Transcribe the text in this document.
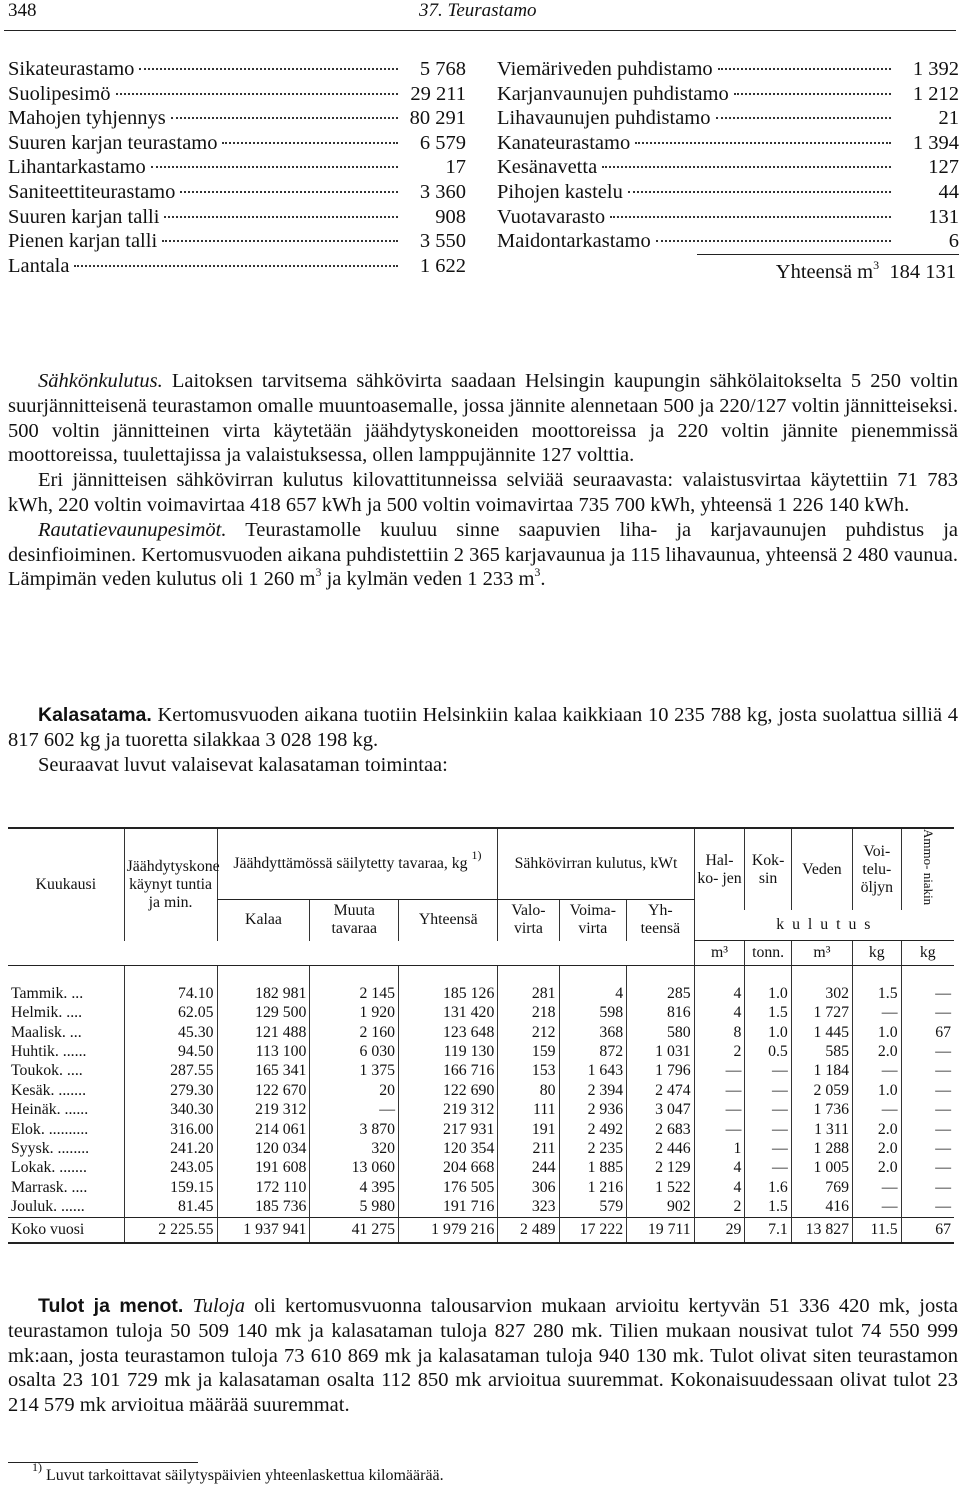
348	37. Teurastamo
Sikateurastamo	5 768
Suolipesimö	29 211
Mahojen tyhjennys	80 291
Suuren karjan teurastamo	6 579
Lihantarkastamo	17
Saniteettiteurastamo	3 360
Suuren karjan talli	908
Pienen karjan talli	3 550
Lantala	1 622
Viemäriveden puhdistamo	1 392
Karjanvaunujen puhdistamo	1 212
Lihavaunujen puhdistamo	21
Kanateurastamo	1 394
Kesänavetta	127
Pihojen kastelu	44
Vuotavarasto	131
Maidontarkastamo	6
Yhteensä $m^3$ 184 131

Sähkönkulutus. Laitoksen tarvitsema sähkövirta saadaan Helsingin kaupungin sähkölaitokselta 5 250 voltin suurjännitteisenä teurastamon omalle muuntoasemalle, jossa jännite alennetaan 500 ja 220/127 voltin jännitteiseksi. 500 voltin jännitteinen virta käytetään jäähdytyskoneiden moottoreissa ja 220 voltin jännite pienemmissä moottoreissa, tuulettajissa ja valaistuksessa, ollen lamppujännite 127 volttia.

Eri jännitteisen sähkövirran kulutus kilovattitunneissa selviää seuraavasta: valaistusvirtaa käytettiin 71 783 kWh, 220 voltin voimavirtaa 418 657 kWh ja 500 voltin voimavirtaa 735 700 kWh, yhteensä 1 226 140 kWh.

Rautatievaunupesimöt. Teurastamolle kuuluu sinne saapuvien liha- ja karjavaunujen puhdistus ja desinfioiminen. Kertomusvuoden aikana puhdistettiin 2 365 karjavaunua ja 115 lihavaunua, yhteensä 2 480 vaunua. Lämpimän veden kulutus oli 1 260 $m^3$ ja kylmän veden 1 233 $m^3$.

Kalasatama. Kertomusvuoden aikana tuotiin Helsinkiin kalaa kaikkiaan 10 235 788 kg, josta suolattua silliä 4 817 602 kg ja tuoretta silakkaa 3 028 198 kg.

Seuraavat luvut valaisevat kalasataman toimintaa:

Kuukausi	Jäähdytyskone käynyt tuntia ja min.	Jäähdyttämössä säilytetty tavaraa, kg $^{1)}$			Sähkövirran kulutus, kWt			Hal- ko- jen	Kok- sin	Veden	Voi- telu- öljyn	Ammo- niakin
		Kalaa	Muuta tavaraa	Yhteensä	Valo- virta	Voima- virta	Yh- teensä					
								k u l u t u s				
								m³	tonn.	m³	kg	kg

Tammik. ...	74.10	182 981	2 145	185 126	281	4	285	4	1.0	302	1.5	—
Helmik. ....	62.05	129 500	1 920	131 420	218	598	816	4	1.5	1 727	—	—
Maalisk. ...	45.30	121 488	2 160	123 648	212	368	580	8	1.0	1 445	1.0	67
Huhtik. ......	94.50	113 100	6 030	119 130	159	872	1 031	2	0.5	585	2.0	—
Toukok. ....	287.55	165 341	1 375	166 716	153	1 643	1 796	—	—	1 184	—	—
Kesäk. .......	279.30	122 670	20	122 690	80	2 394	2 474	—	—	2 059	1.0	—
Heinäk. ......	340.30	219 312	—	219 312	111	2 936	3 047	—	—	1 736	—	—
Elok. ..........	316.00	214 061	3 870	217 931	191	2 492	2 683	—	—	1 311	2.0	—
Syysk. ........	241.20	120 034	320	120 354	211	2 235	2 446	1	—	1 288	2.0	—
Lokak. .......	243.05	191 608	13 060	204 668	244	1 885	2 129	4	—	1 005	2.0	—
Marrask. ....	159.15	172 110	4 395	176 505	306	1 216	1 522	4	1.6	769	—	—
Jouluk. ......	81.45	185 736	5 980	191 716	323	579	902	2	1.5	416	—	—
Koko vuosi	2 225.55	1 937 941	41 275	1 979 216	2 489	17 222	19 711	29	7.1	13 827	11.5	67

Tulot ja menot. Tuloja oli kertomusvuonna talousarvion mukaan arvioitu kertyvän 51 336 420 mk, josta teurastamon tuloja 50 509 140 mk ja kalasataman tuloja 827 280 mk. Tilien mukaan nousivat tulot 74 550 999 mk:aan, josta teurastamon tuloja 73 610 869 mk ja kalasataman tuloja 940 130 mk. Tulot olivat siten teurastamon osalta 23 101 729 mk ja kalasataman osalta 112 850 mk arvioitua suuremmat. Kokonaisuudessaan olivat tulot 23 214 579 mk arvioitua määrää suuremmat.

$^{1)}$ Luvut tarkoittavat säilytyspäivien yhteenlaskettua kilomäärää.
